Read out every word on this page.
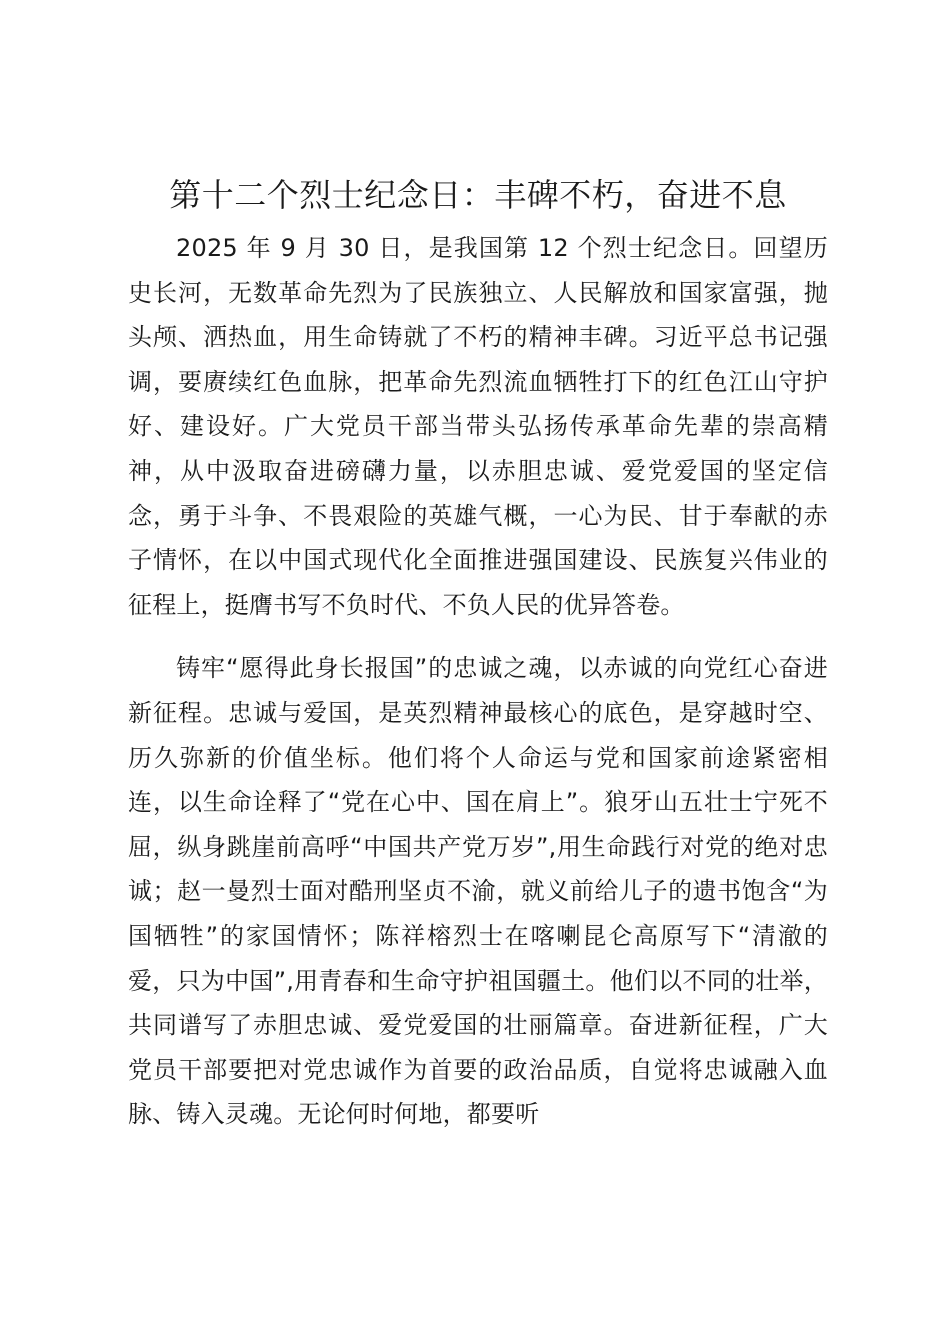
第十二个烈士纪念日：丰碑不朽，奋进不息

2025 年 9 月 30 日，是我国第 12 个烈士纪念日。回望历史长河，无数革命先烈为了民族独立、人民解放和国家富强，抛头颅、洒热血，用生命铸就了不朽的精神丰碑。习近平总书记强调，要赓续红色血脉，把革命先烈流血牺牲打下的红色江山守护好、建设好。广大党员干部当带头弘扬传承革命先辈的崇高精神，从中汲取奋进磅礴力量，以赤胆忠诚、爱党爱国的坚定信念，勇于斗争、不畏艰险的英雄气概，一心为民、甘于奉献的赤子情怀，在以中国式现代化全面推进强国建设、民族复兴伟业的征程上，挺膺书写不负时代、不负人民的优异答卷。

铸牢“愿得此身长报国”的忠诚之魂，以赤诚的向党红心奋进新征程。忠诚与爱国，是英烈精神最核心的底色，是穿越时空、历久弥新的价值坐标。他们将个人命运与党和国家前途紧密相连，以生命诠释了“党在心中、国在肩上”。狼牙山五壮士宁死不屈，纵身跳崖前高呼“中国共产党万岁”,用生命践行对党的绝对忠诚；赵一曼烈士面对酷刑坚贞不渝，就义前给儿子的遗书饱含“为国牺牲”的家国情怀；陈祥榕烈士在喀喇昆仑高原写下“清澈的爱，只为中国”,用青春和生命守护祖国疆土。他们以不同的壮举，共同谱写了赤胆忠诚、爱党爱国的壮丽篇章。奋进新征程，广大党员干部要把对党忠诚作为首要的政治品质，自觉将忠诚融入血脉、铸入灵魂。无论何时何地，都要听
